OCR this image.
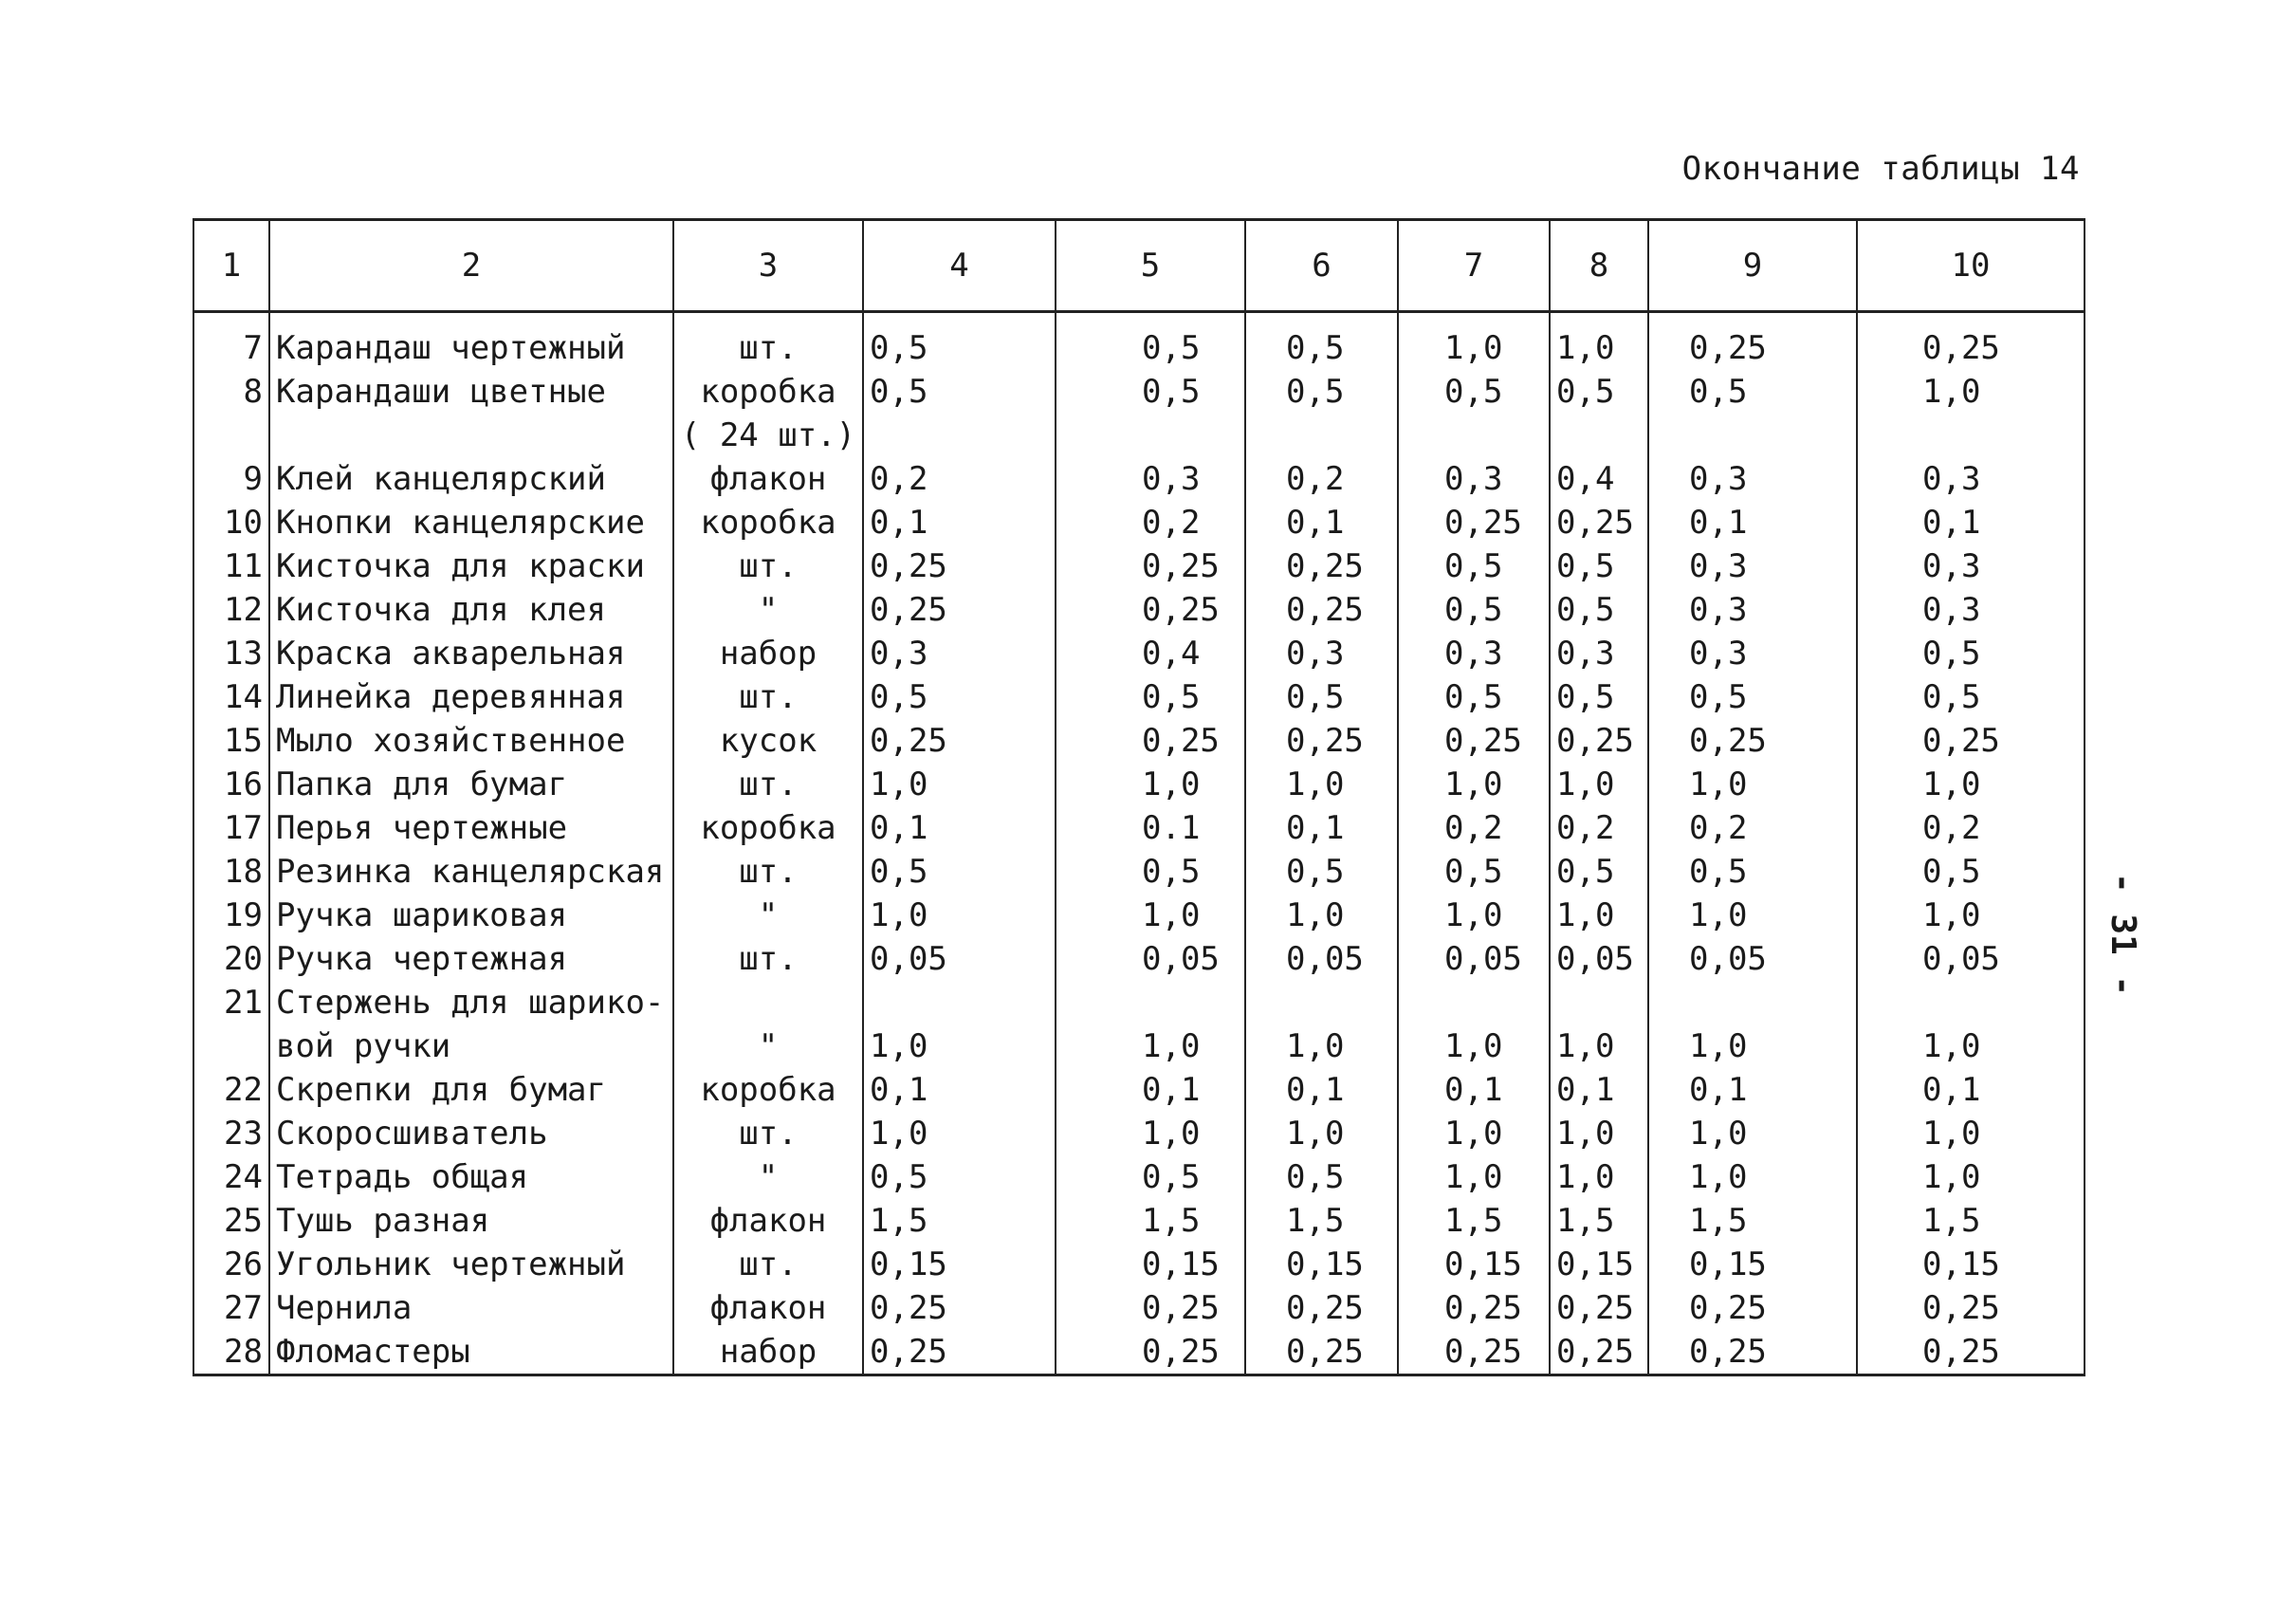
Окончание таблицы 14
- 31 -
1	2	3	4	5	6	7	8	9	10
7	Карандаш чертежный	шт.	0,5	0,5	0,5	1,0	1,0	0,25	0,25
8	Карандаши цветные	коробка	0,5	0,5	0,5	0,5	0,5	0,5	1,0
		( 24 шт.)							
9	Клей канцелярский	флакон	0,2	0,3	0,2	0,3	0,4	0,3	0,3
10	Кнопки канцелярские	коробка	0,1	0,2	0,1	0,25	0,25	0,1	0,1
11	Кисточка для краски	шт.	0,25	0,25	0,25	0,5	0,5	0,3	0,3
12	Кисточка для клея	"	0,25	0,25	0,25	0,5	0,5	0,3	0,3
13	Краска акварельная	набор	0,3	0,4	0,3	0,3	0,3	0,3	0,5
14	Линейка деревянная	шт.	0,5	0,5	0,5	0,5	0,5	0,5	0,5
15	Мыло хозяйственное	кусок	0,25	0,25	0,25	0,25	0,25	0,25	0,25
16	Папка для бумаг	шт.	1,0	1,0	1,0	1,0	1,0	1,0	1,0
17	Перья чертежные	коробка	0,1	0.1	0,1	0,2	0,2	0,2	0,2
18	Резинка канцелярская	шт.	0,5	0,5	0,5	0,5	0,5	0,5	0,5
19	Ручка шариковая	"	1,0	1,0	1,0	1,0	1,0	1,0	1,0
20	Ручка чертежная	шт.	0,05	0,05	0,05	0,05	0,05	0,05	0,05
21	Стержень для шарико-								
	вой ручки	"	1,0	1,0	1,0	1,0	1,0	1,0	1,0
22	Скрепки для бумаг	коробка	0,1	0,1	0,1	0,1	0,1	0,1	0,1
23	Скоросшиватель	шт.	1,0	1,0	1,0	1,0	1,0	1,0	1,0
24	Тетрадь общая	"	0,5	0,5	0,5	1,0	1,0	1,0	1,0
25	Тушь разная	флакон	1,5	1,5	1,5	1,5	1,5	1,5	1,5
26	Угольник чертежный	шт.	0,15	0,15	0,15	0,15	0,15	0,15	0,15
27	Чернила	флакон	0,25	0,25	0,25	0,25	0,25	0,25	0,25
28	Фломастеры	набор	0,25	0,25	0,25	0,25	0,25	0,25	0,25
